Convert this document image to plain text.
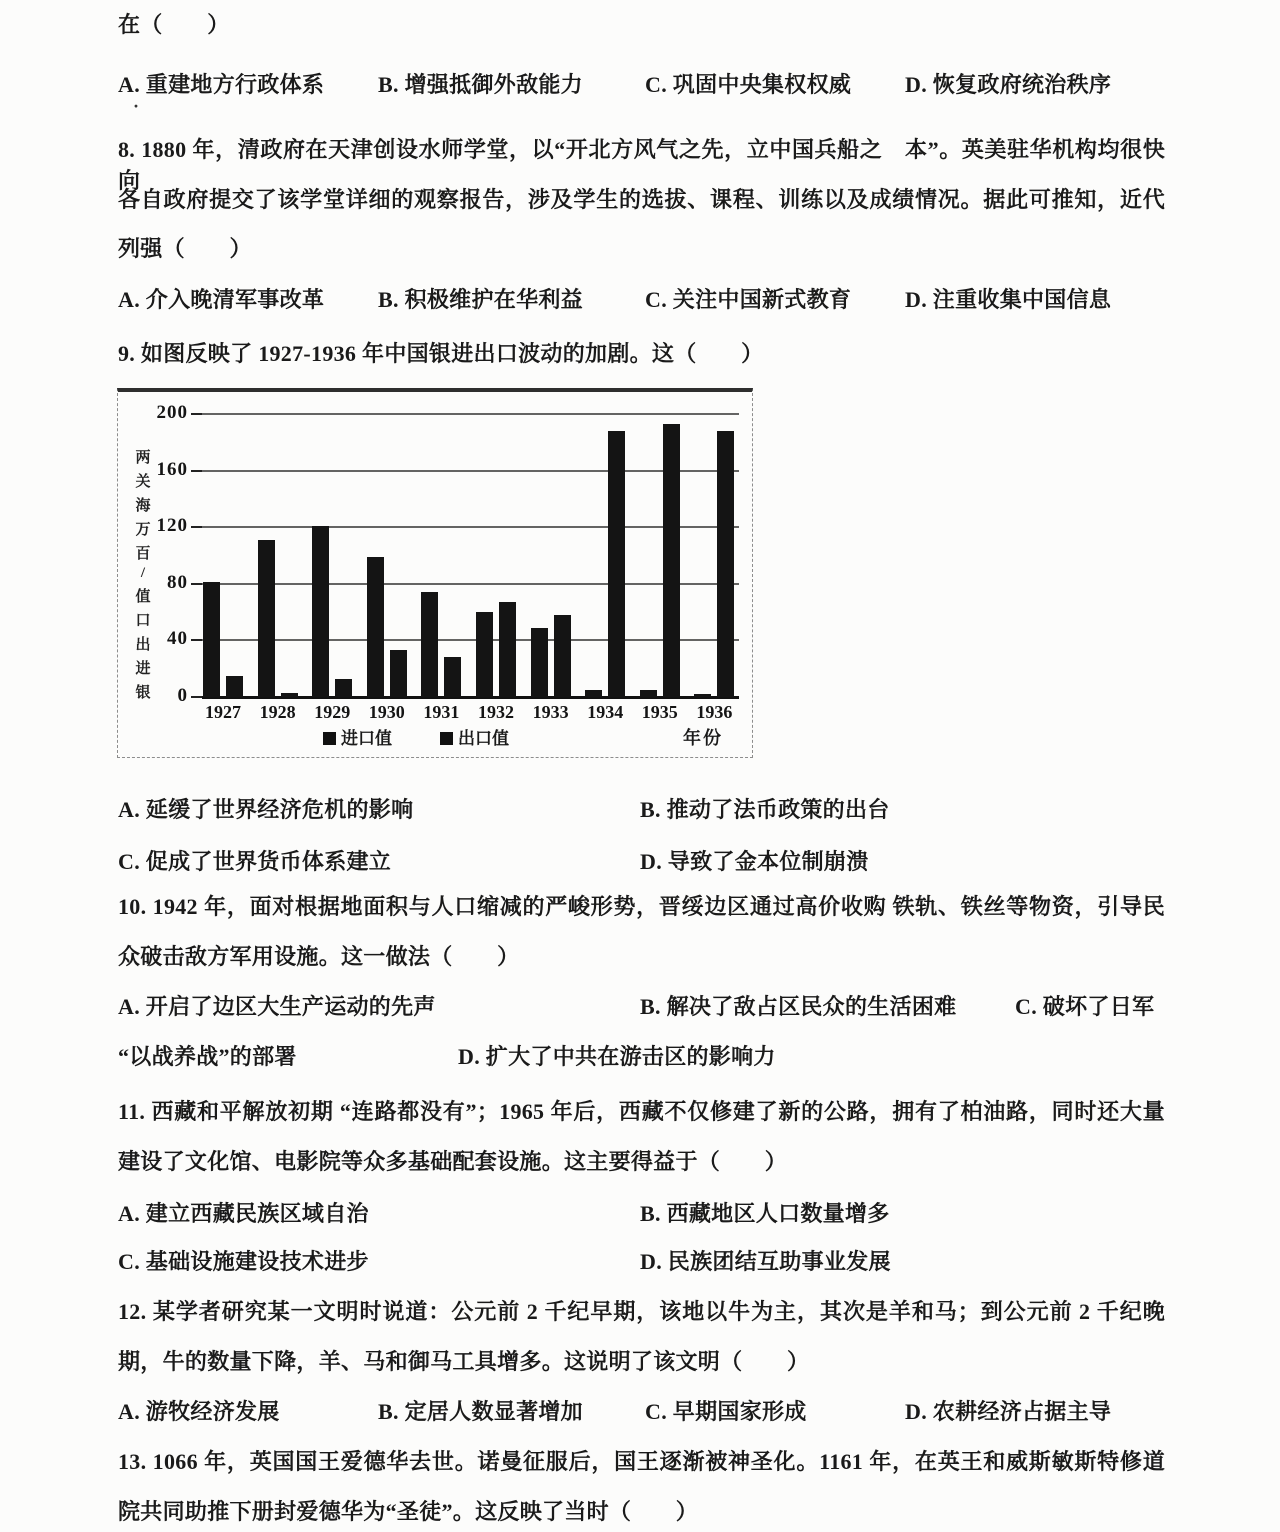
在（　　）
A. 重建地方行政体系	B. 增强抵御外敌能力	C. 巩固中央集权权威	D. 恢复政府统治秩序
·
8. 1880 年，清政府在天津创设水师学堂，以“开北方风气之先，立中国兵船之　本”。英美驻华机构均很快向
各自政府提交了该学堂详细的观察报告，涉及学生的选拔、课程、训练以及成绩情况。据此可推知，近代
列强（　　）
A. 介入晚清军事改革	B. 积极维护在华利益	C. 关注中国新式教育	D. 注重收集中国信息
9. 如图反映了 1927-1936 年中国银进出口波动的加剧。这（　　）
两
关
海
万
百
/
值
口
出
进
银	0
40
80
120
160
200
1927	1928	1929	1930	1931	1932	1933	1934	1935	1936
进口值	出口值	年份
A. 延缓了世界经济危机的影响	B. 推动了法币政策的出台
C. 促成了世界货币体系建立	D. 导致了金本位制崩溃
10. 1942 年，面对根据地面积与人口缩减的严峻形势，晋绥边区通过高价收购 铁轨、铁丝等物资，引导民
众破击敌方军用设施。这一做法（　　）
A. 开启了边区大生产运动的先声	B. 解决了敌占区民众的生活困难	C. 破坏了日军
“以战养战”的部署	D. 扩大了中共在游击区的影响力
11. 西藏和平解放初期 “连路都没有”；1965 年后，西藏不仅修建了新的公路，拥有了柏油路，同时还大量
建设了文化馆、电影院等众多基础配套设施。这主要得益于（　　）
A. 建立西藏民族区域自治	B. 西藏地区人口数量增多
C. 基础设施建设技术进步	D. 民族团结互助事业发展
12. 某学者研究某一文明时说道：公元前 2 千纪早期，该地以牛为主，其次是羊和马；到公元前 2 千纪晚
期，牛的数量下降，羊、马和御马工具增多。这说明了该文明（　　）
A. 游牧经济发展	B. 定居人数显著增加	C. 早期国家形成	D. 农耕经济占据主导
13. 1066 年，英国国王爱德华去世。诺曼征服后，国王逐渐被神圣化。1161 年，在英王和威斯敏斯特修道
院共同助推下册封爱德华为“圣徒”。这反映了当时（　　）
